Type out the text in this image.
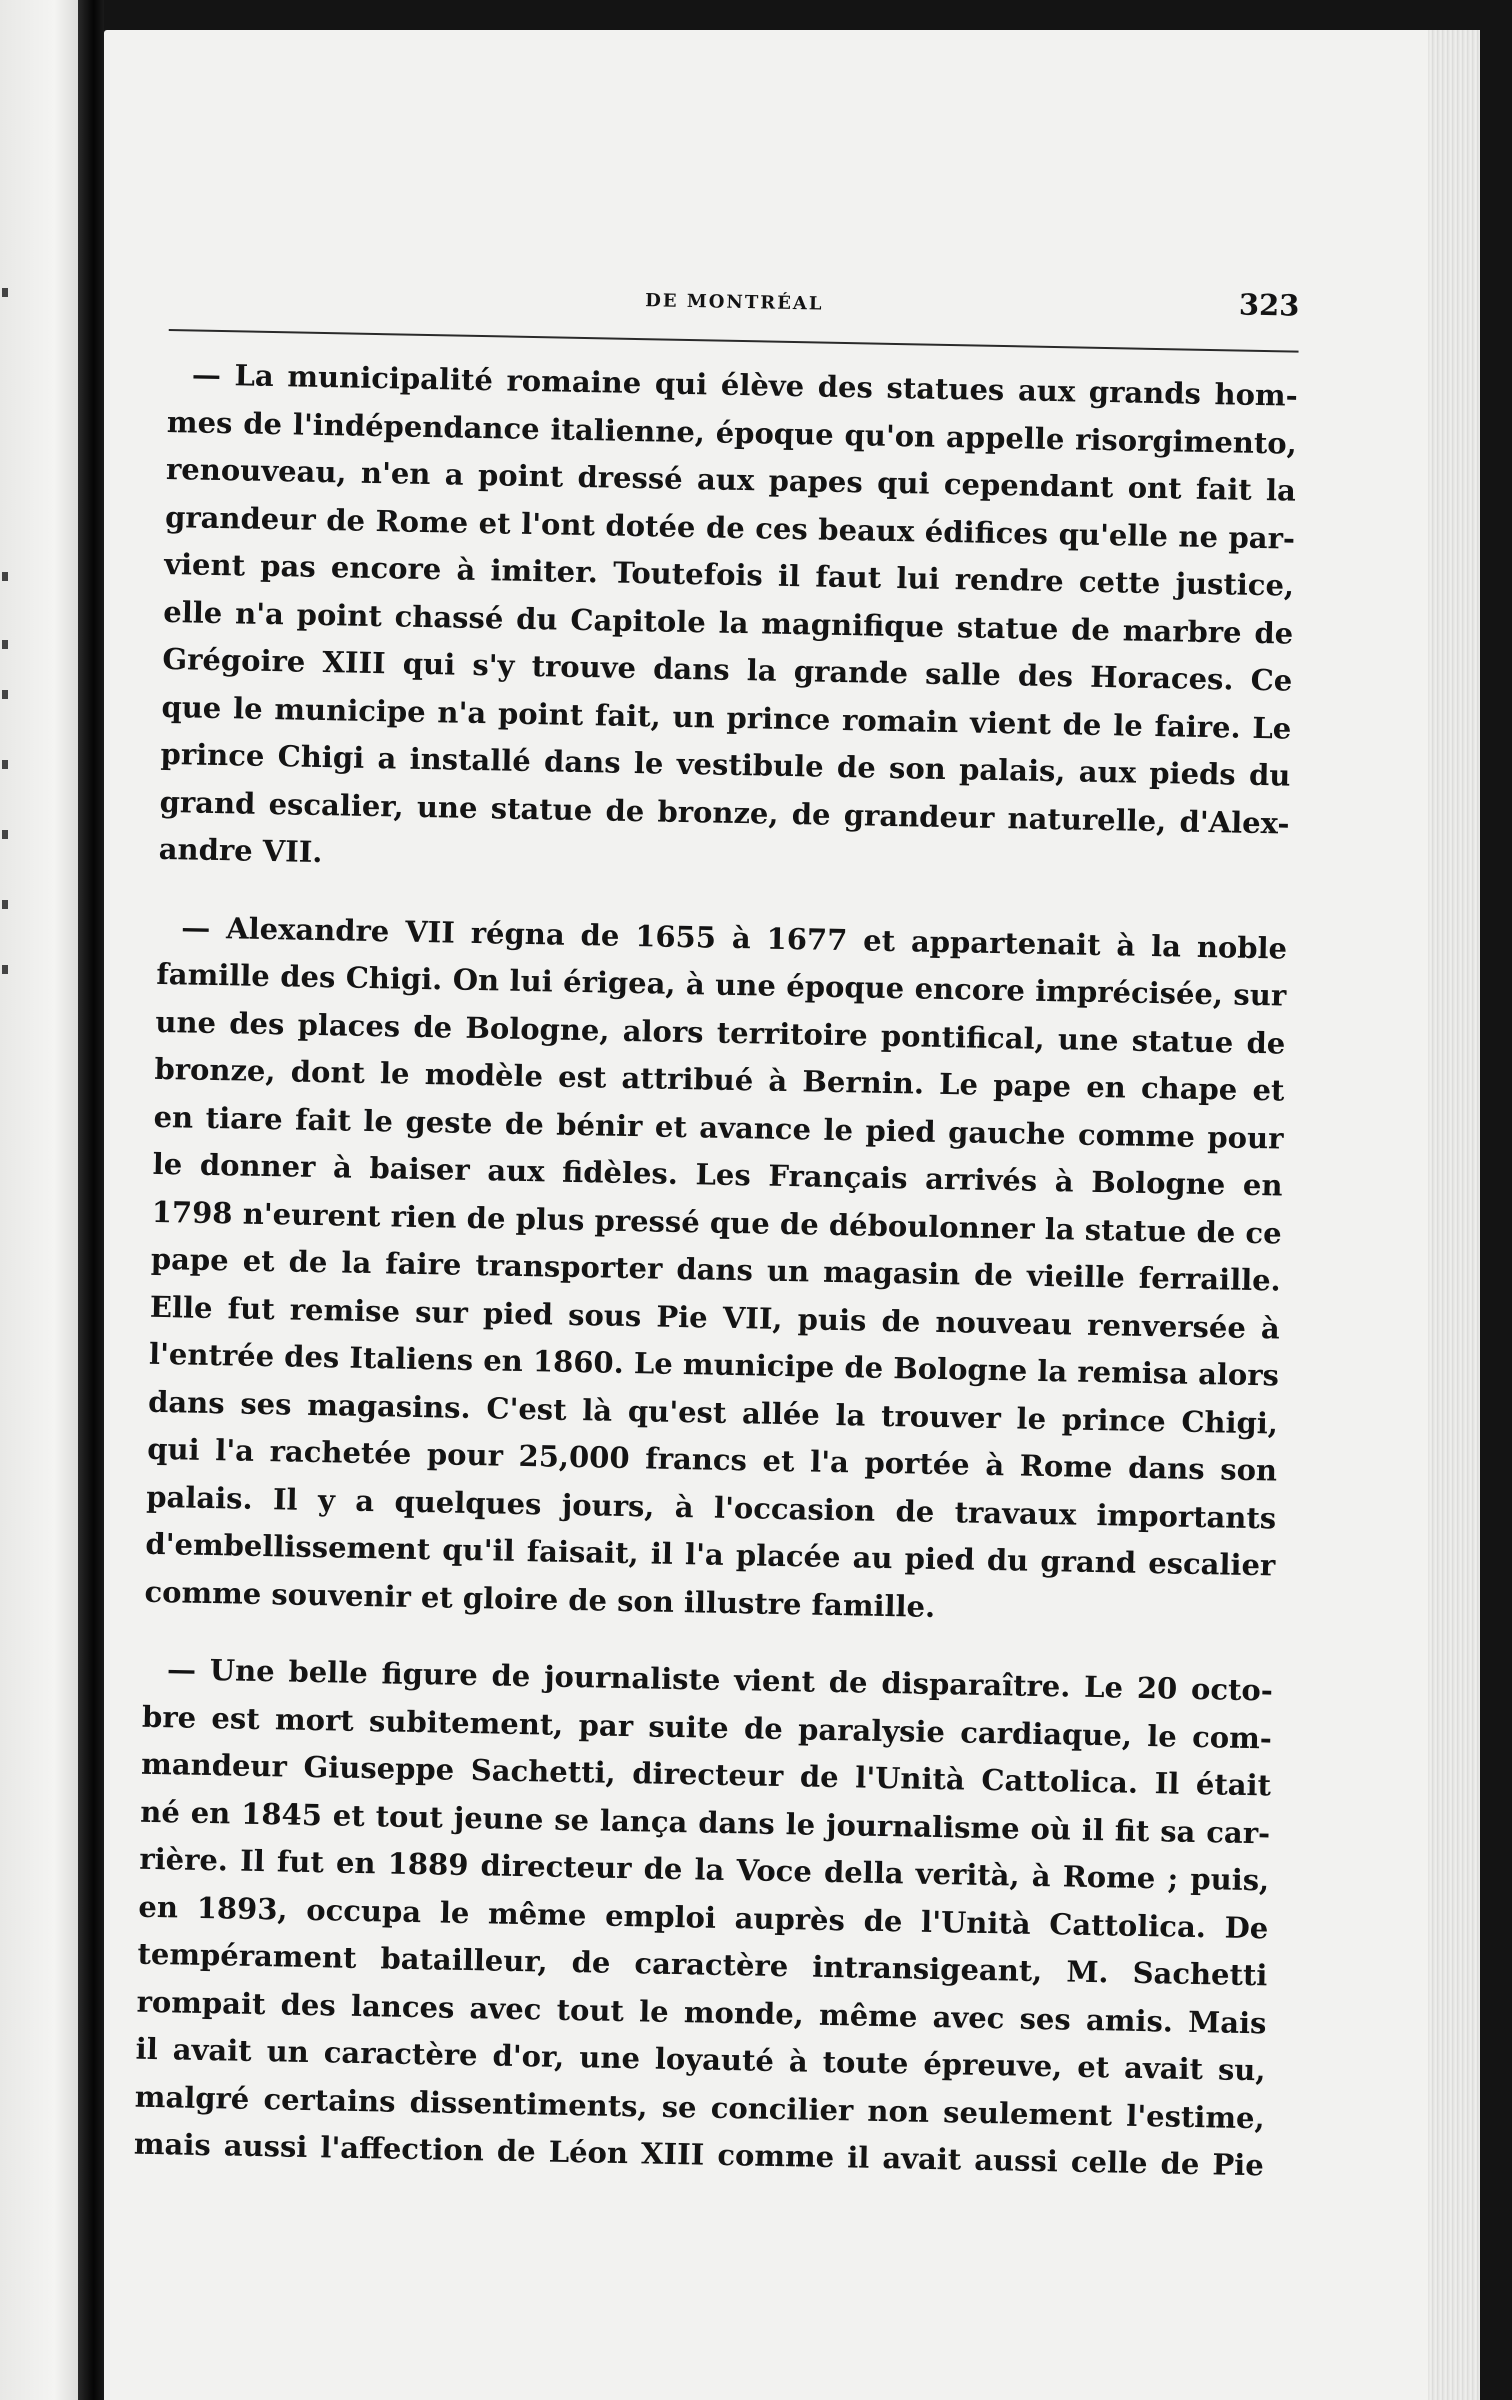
DE MONTRÉAL	323

— La municipalité romaine qui élève des statues aux grands hom-
mes de l'indépendance italienne, époque qu'on appelle risorgimento,
renouveau, n'en a point dressé aux papes qui cependant ont fait la
grandeur de Rome et l'ont dotée de ces beaux édifices qu'elle ne par-
vient pas encore à imiter. Toutefois il faut lui rendre cette justice,
elle n'a point chassé du Capitole la magnifique statue de marbre de
Grégoire XIII qui s'y trouve dans la grande salle des Horaces. Ce
que le municipe n'a point fait, un prince romain vient de le faire. Le
prince Chigi a installé dans le vestibule de son palais, aux pieds du
grand escalier, une statue de bronze, de grandeur naturelle, d'Alex-
andre VII.

— Alexandre VII régna de 1655 à 1677 et appartenait à la noble
famille des Chigi. On lui érigea, à une époque encore imprécisée, sur
une des places de Bologne, alors territoire pontifical, une statue de
bronze, dont le modèle est attribué à Bernin. Le pape en chape et
en tiare fait le geste de bénir et avance le pied gauche comme pour
le donner à baiser aux fidèles. Les Français arrivés à Bologne en
1798 n'eurent rien de plus pressé que de déboulonner la statue de ce
pape et de la faire transporter dans un magasin de vieille ferraille.
Elle fut remise sur pied sous Pie VII, puis de nouveau renversée à
l'entrée des Italiens en 1860. Le municipe de Bologne la remisa alors
dans ses magasins. C'est là qu'est allée la trouver le prince Chigi,
qui l'a rachetée pour 25,000 francs et l'a portée à Rome dans son
palais. Il y a quelques jours, à l'occasion de travaux importants
d'embellissement qu'il faisait, il l'a placée au pied du grand escalier
comme souvenir et gloire de son illustre famille.

— Une belle figure de journaliste vient de disparaître. Le 20 octo-
bre est mort subitement, par suite de paralysie cardiaque, le com-
mandeur Giuseppe Sachetti, directeur de l'Unità Cattolica. Il était
né en 1845 et tout jeune se lança dans le journalisme où il fit sa car-
rière. Il fut en 1889 directeur de la Voce della verità, à Rome ; puis,
en 1893, occupa le même emploi auprès de l'Unità Cattolica. De
tempérament batailleur, de caractère intransigeant, M. Sachetti
rompait des lances avec tout le monde, même avec ses amis. Mais
il avait un caractère d'or, une loyauté à toute épreuve, et avait su,
malgré certains dissentiments, se concilier non seulement l'estime,
mais aussi l'affection de Léon XIII comme il avait aussi celle de Pie
